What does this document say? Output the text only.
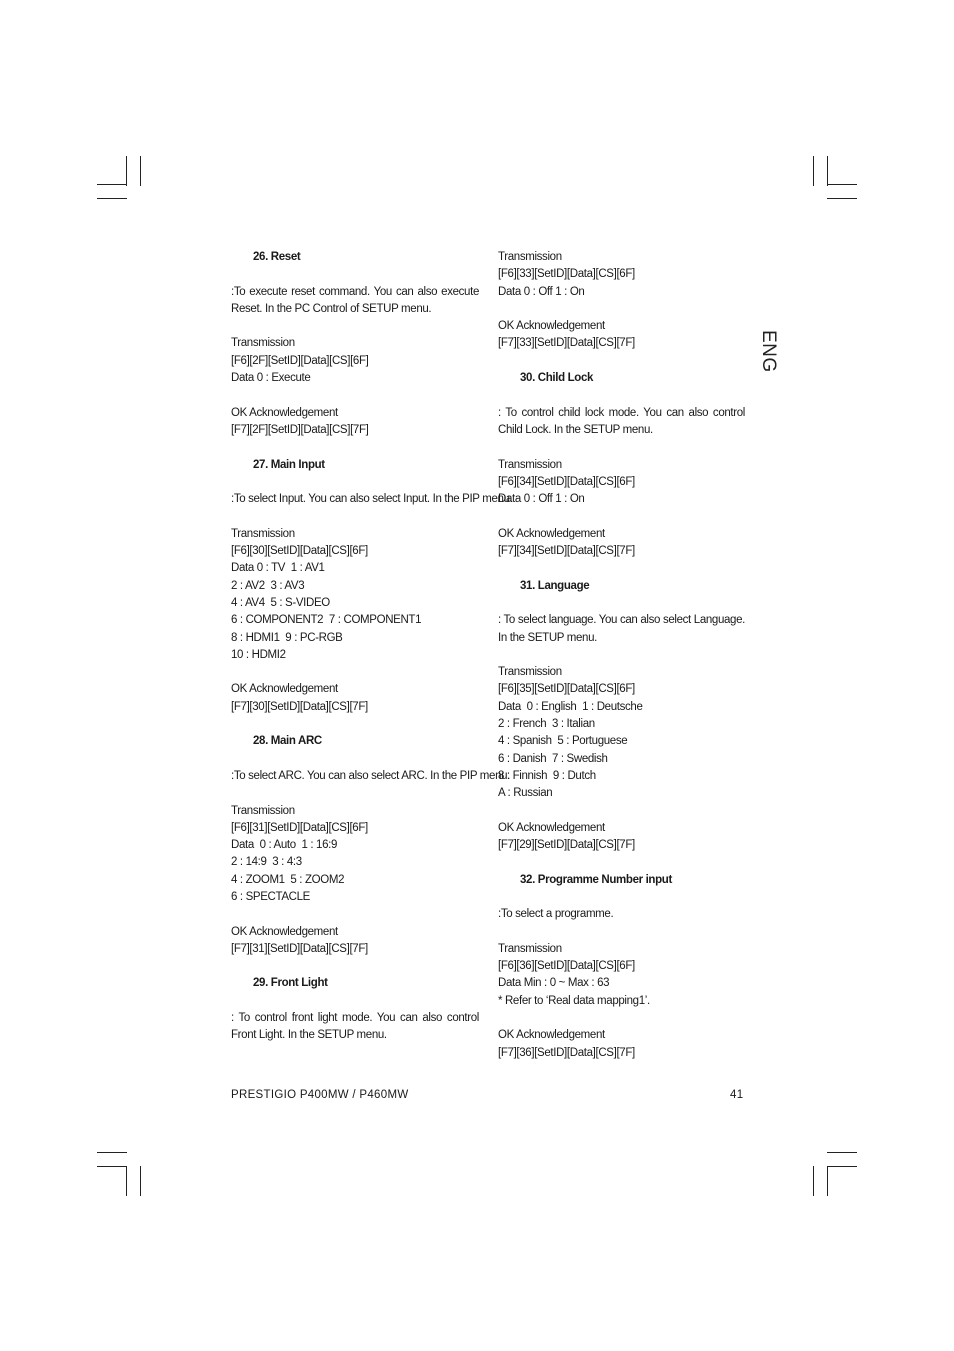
ENG
26. Reset
:To execute reset command. You can also execute Reset. In the PC Control of SETUP menu.
Transmission
[F6][2F][SetID][Data][CS][6F]
Data 0 : Execute
OK Acknowledgement
[F7][2F][SetID][Data][CS][7F]
27. Main Input
:To select Input. You can also select Input. In the PIP menu.
Transmission
[F6][30][SetID][Data][CS][6F]
Data 0 : TV  1 : AV1
2 : AV2  3 : AV3
4 : AV4  5 : S-VIDEO
6 : COMPONENT2  7 : COMPONENT1
8 : HDMI1  9 : PC-RGB
10 : HDMI2
OK Acknowledgement
[F7][30][SetID][Data][CS][7F]
28. Main ARC
:To select ARC. You can also select ARC. In the PIP menu.
Transmission
[F6][31][SetID][Data][CS][6F]
Data  0 : Auto  1 : 16:9
2 : 14:9  3 : 4:3
4 : ZOOM1  5 : ZOOM2
6 : SPECTACLE
OK Acknowledgement
[F7][31][SetID][Data][CS][7F]
29. Front Light
: To control front light mode. You can also control Front Light. In the SETUP menu.
Transmission
[F6][33][SetID][Data][CS][6F]
Data 0 : Off 1 : On
OK Acknowledgement
[F7][33][SetID][Data][CS][7F]
30. Child Lock
: To control child lock mode. You can also control Child Lock. In the SETUP menu.
Transmission
[F6][34][SetID][Data][CS][6F]
Data 0 : Off 1 : On
OK Acknowledgement
[F7][34][SetID][Data][CS][7F]
31. Language
: To select language. You can also select Language. In the SETUP menu.
Transmission
[F6][35][SetID][Data][CS][6F]
Data  0 : English  1 : Deutsche
2 : French  3 : Italian
4 : Spanish  5 : Portuguese
6 : Danish  7 : Swedish
8 : Finnish  9 : Dutch
A : Russian
OK Acknowledgement
[F7][29][SetID][Data][CS][7F]
32. Programme Number input
:To select a programme.
Transmission
[F6][36][SetID][Data][CS][6F]
Data Min : 0 ~ Max : 63
* Refer to ‘Real data mapping1’.
OK Acknowledgement
[F7][36][SetID][Data][CS][7F]
PRESTIGIO P400MW / P460MW	41
